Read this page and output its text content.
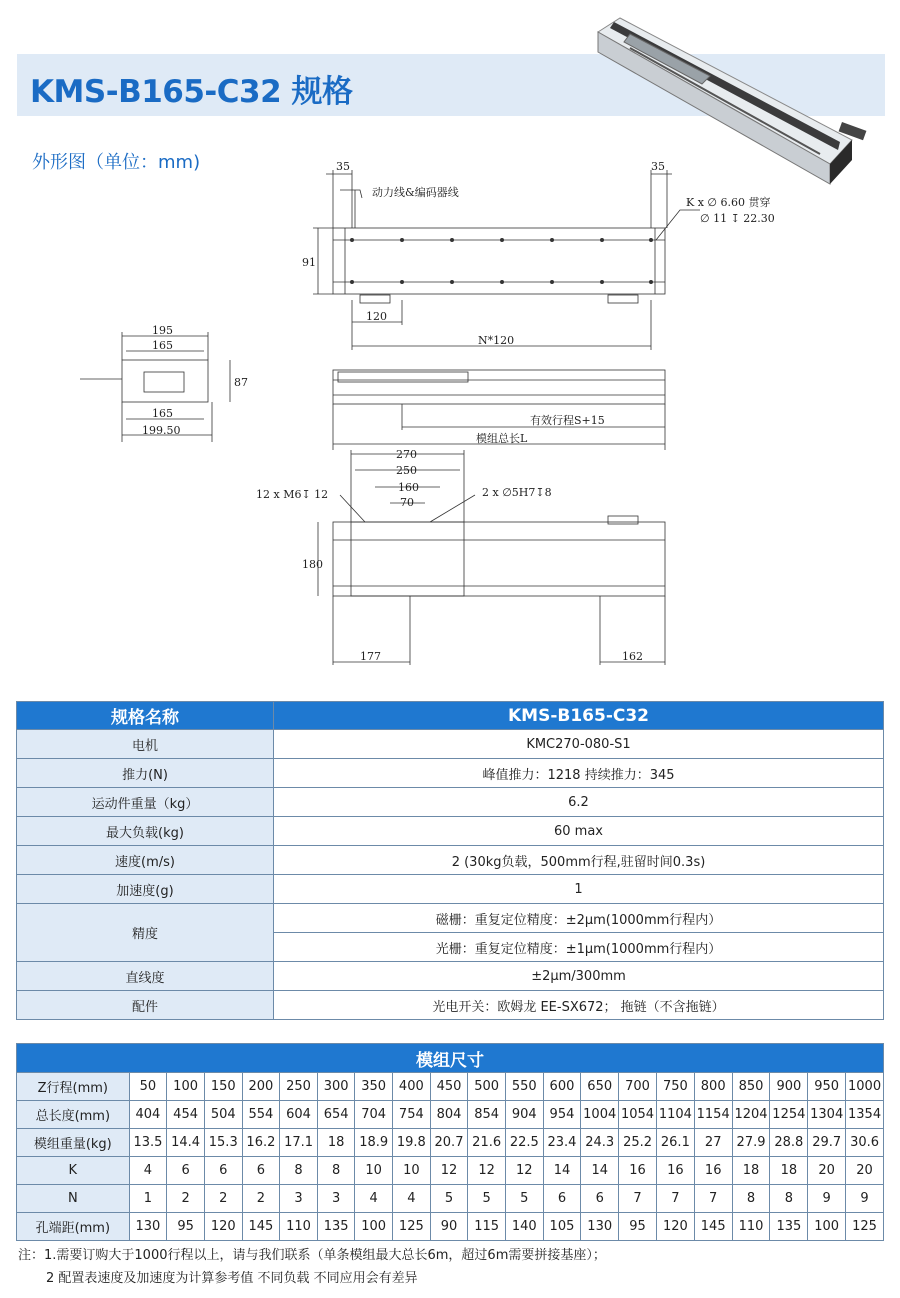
KMS-B165-C32 规格
外形图（单位：mm)	35	35
K x ∅ 6.60 贯穿
∅ 11 ↧ 22.30
动力线&编码器线
91
120
N*120
195
165
87
165
199.50
有效行程S+15
模组总长L
270
250
160
70
12 x M6↧ 12	2 x ∅5H7↧8
180
177	162
规格名称	KMS-B165-C32
电机	KMC270-080-S1
推力(N)	峰值推力：1218 持续推力：345
运动件重量（kg）	6.2
最大负载(kg)	60 max
速度(m/s)	2 (30kg负载，500mm行程,驻留时间0.3s)
加速度(g)	1
精度	磁栅：重复定位精度：±2μm(1000mm行程内）
	光栅：重复定位精度：±1μm(1000mm行程内）
直线度	±2μm/300mm
配件	光电开关：欧姆龙 EE-SX672； 拖链（不含拖链）
模组尺寸																				
Z行程(mm)	50	100	150	200	250	300	350	400	450	500	550	600	650	700	750	800	850	900	950	1000
总长度(mm)	404	454	504	554	604	654	704	754	804	854	904	954	1004	1054	1104	1154	1204	1254	1304	1354
模组重量(kg)	13.5	14.4	15.3	16.2	17.1	18	18.9	19.8	20.7	21.6	22.5	23.4	24.3	25.2	26.1	27	27.9	28.8	29.7	30.6
K	4	6	6	6	8	8	10	10	12	12	12	14	14	16	16	16	18	18	20	20
N	1	2	2	2	3	3	4	4	5	5	5	6	6	7	7	7	8	8	9	9
孔端距(mm)	130	95	120	145	110	135	100	125	90	115	140	105	130	95	120	145	110	135	100	125
注：1.需要订购大于1000行程以上，请与我们联系（单条模组最大总长6m，超过6m需要拼接基座）；
2 配置表速度及加速度为计算参考值 不同负载 不同应用会有差异
